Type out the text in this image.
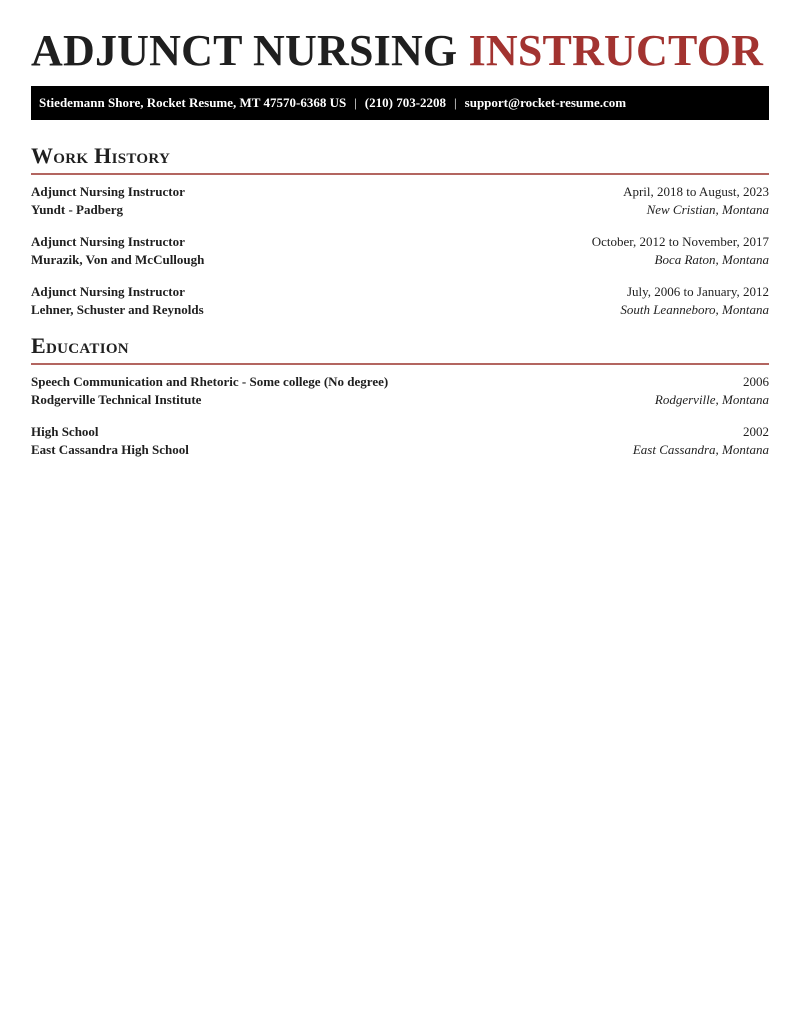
ADJUNCT NURSING INSTRUCTOR
Stiedemann Shore, Rocket Resume, MT 47570-6368 US | (210) 703-2208 | support@rocket-resume.com
Work History
Adjunct Nursing Instructor	April, 2018 to August, 2023
Yundt - Padberg	New Cristian, Montana
Adjunct Nursing Instructor	October, 2012 to November, 2017
Murazik, Von and McCullough	Boca Raton, Montana
Adjunct Nursing Instructor	July, 2006 to January, 2012
Lehner, Schuster and Reynolds	South Leanneboro, Montana
Education
Speech Communication and Rhetoric - Some college (No degree)	2006
Rodgerville Technical Institute	Rodgerville, Montana
High School	2002
East Cassandra High School	East Cassandra, Montana
